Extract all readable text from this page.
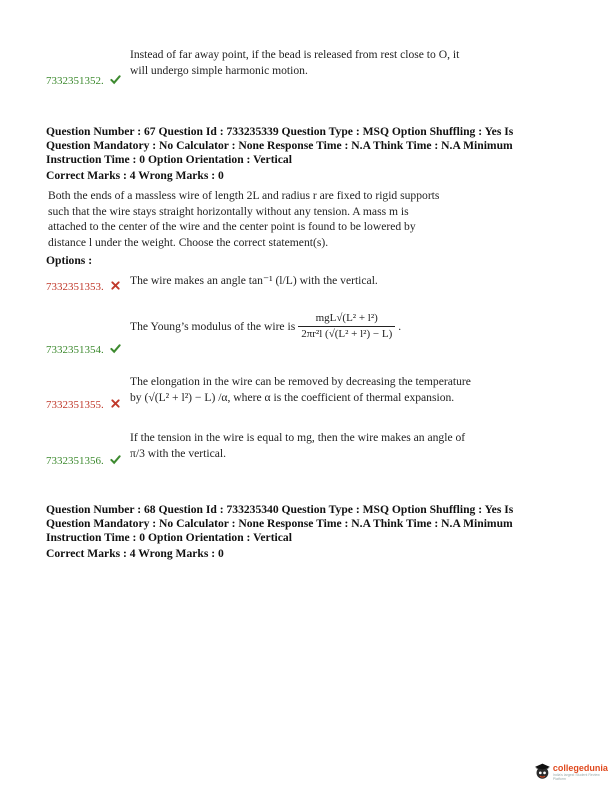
Instead of far away point, if the bead is released from rest close to O, it
will undergo simple harmonic motion.
7332351352.
Question Number : 67 Question Id : 733235339 Question Type : MSQ Option Shuffling : Yes Is
Question Mandatory : No Calculator : None Response Time : N.A Think Time : N.A Minimum
Instruction Time : 0 Option Orientation : Vertical
Correct Marks : 4 Wrong Marks : 0
Both the ends of a massless wire of length 2L and radius r are fixed to rigid supports
such that the wire stays straight horizontally without any tension. A mass m is
attached to the center of the wire and the center point is found to be lowered by
distance l under the weight. Choose the correct statement(s).
Options :
7332351353.	The wire makes an angle tan⁻¹ (l/L) with the vertical.
The Young’s modulus of the wire is $\frac{\text{mgL√(L² + l²)}}{\text{2πr²l (√(L² + l²) − L)}}$ .
7332351354.
The elongation in the wire can be removed by decreasing the temperature
by (√(L² + l²) − L) /α, where α is the coefficient of thermal expansion.
7332351355.
If the tension in the wire is equal to mg, then the wire makes an angle of
π/3 with the vertical.
7332351356.
Question Number : 68 Question Id : 733235340 Question Type : MSQ Option Shuffling : Yes Is
Question Mandatory : No Calculator : None Response Time : N.A Think Time : N.A Minimum
Instruction Time : 0 Option Orientation : Vertical
Correct Marks : 4 Wrong Marks : 0
collegedunia
India's largest Student Review Platform
